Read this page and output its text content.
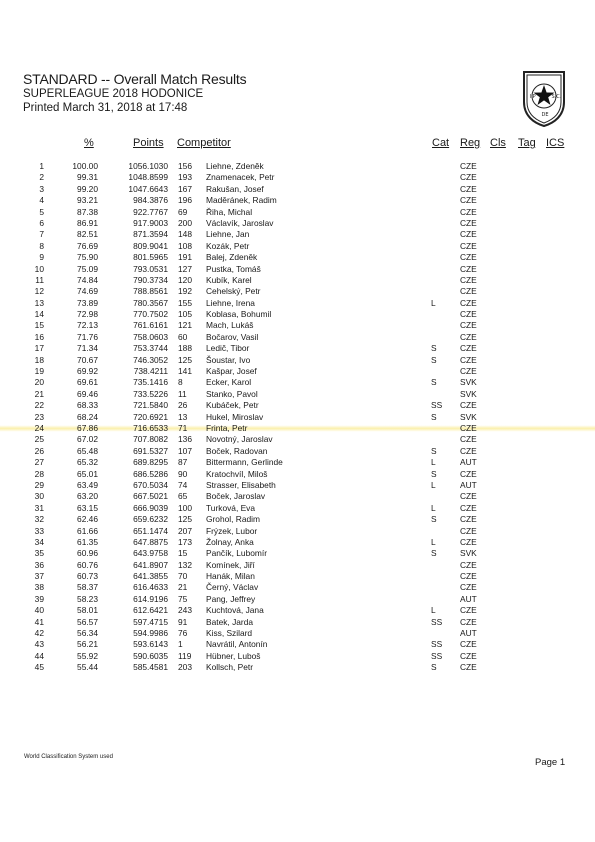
STANDARD -- Overall Match Results
SUPERLEAGUE 2018 HODONICE
Printed March 31, 2018 at 17:48
I.P	S.C.
DE
%	Points Competitor	Cat Reg Cls Tag ICS
1	100.00	1056.1030 156 Liehne, Zdeněk	CZE
2	99.31	1048.8599 193 Znamenacek, Petr	CZE
3	99.20	1047.6643 167 Rakušan, Josef	CZE
4	93.21	984.3876 196 Maděránek, Radim	CZE
5	87.38	922.7767 69 Řiha, Michal	CZE
6	86.91	917.9003 200 Václavík, Jaroslav	CZE
7	82.51	871.3594 148 Liehne, Jan	CZE
8	76.69	809.9041 108 Kozák, Petr	CZE
9	75.90	801.5965 191 Balej, Zdeněk	CZE
10	75.09	793.0531 127 Pustka, Tomáš	CZE
11	74.84	790.3734 120 Kubík, Karel	CZE
12	74.69	788.8561 192 Cehelský, Petr	CZE
13	73.89	780.3567 155 Liehne, Irena	L	CZE
14	72.98	770.7502 105 Koblasa, Bohumil	CZE
15	72.13	761.6161 121 Mach, Lukáš	CZE
16	71.76	758.0603 60 Bočarov, Vasil	CZE
17	71.34	753.3744 188 Ledič, Tibor	S	CZE
18	70.67	746.3052 125 Šoustar, Ivo	S	CZE
19	69.92	738.4211 141 Kašpar, Josef	CZE
20	69.61	735.1416 8	Ecker, Karol	S	SVK
21	69.46	733.5226 11 Stanko, Pavol	SVK
22	68.33	721.5840 26 Kubáček, Petr	SS CZE
23	68.24	720.6921 13 Hukel, Miroslav	S	SVK
24	67.86	716.6533 71 Frinta, Petr	CZE
25	67.02	707.8082 136 Novotný, Jaroslav	CZE
26	65.48	691.5327 107 Boček, Radovan	S	CZE
27	65.32	689.8295 87 Bittermann, Gerlinde	L	AUT
28	65.01	686.5286 90 Kratochvíl, Miloš	S	CZE
29	63.49	670.5034 74 Strasser, Elisabeth	L	AUT
30	63.20	667.5021 65 Boček, Jaroslav	CZE
31	63.15	666.9039 100 Turková, Eva	L	CZE
32	62.46	659.6232 125 Grohol, Radim	S	CZE
33	61.66	651.1474 207 Frýzek, Lubor	CZE
34	61.35	647.8875 173 Žolnay, Anka	L	CZE
35	60.96	643.9758 15 Pančík, Lubomír	S	SVK
36	60.76	641.8907 132 Komínek, Jiří	CZE
37	60.73	641.3855 70 Hanák, Milan	CZE
38	58.37	616.4633 21 Černý, Václav	CZE
39	58.23	614.9196 75 Pang, Jeffrey	AUT
40	58.01	612.6421 243 Kuchtová, Jana	L	CZE
41	56.57	597.4715 91 Batek, Jarda	SS CZE
42	56.34	594.9986 76 Kiss, Szilard	AUT
43	56.21	593.6143 1	Navrátil, Antonín	SS CZE
44	55.92	590.6035 119 Hübner, Luboš	SS CZE
45	55.44	585.4581 203 Kollsch, Petr	S	CZE
World Classification System used	Page 1
